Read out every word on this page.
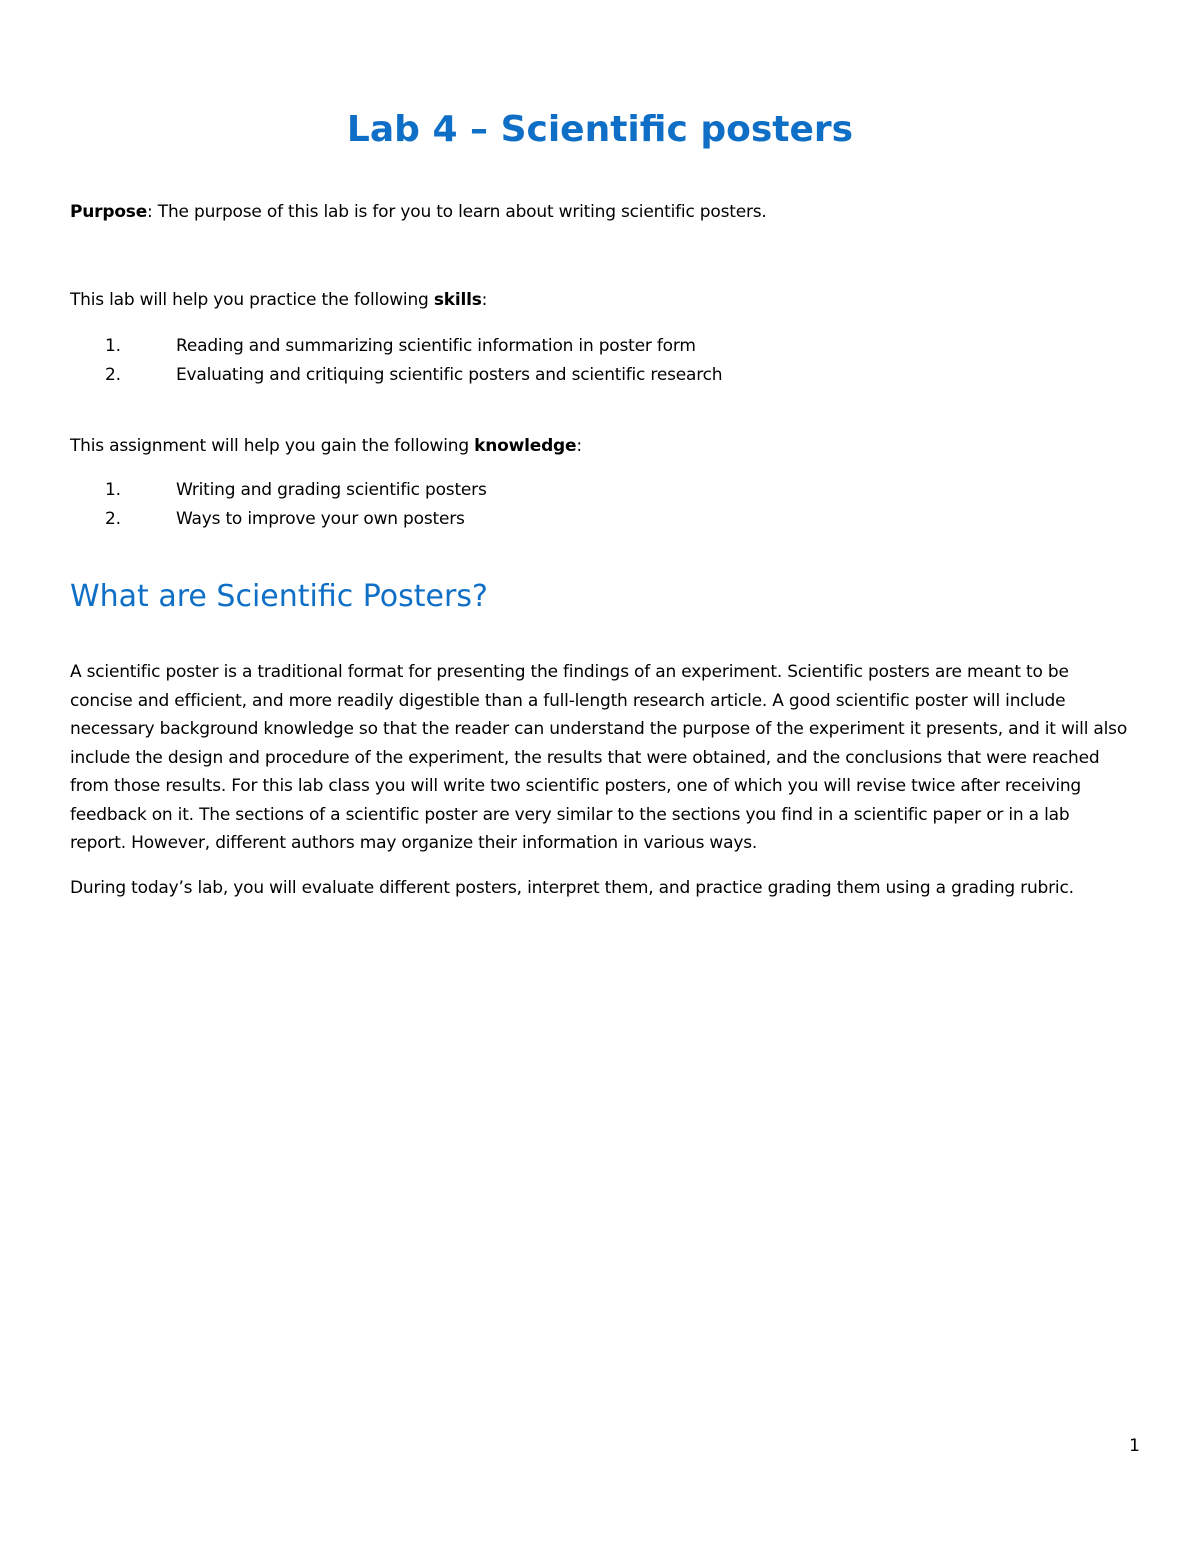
Lab 4 – Scientific posters

Purpose: The purpose of this lab is for you to learn about writing scientific posters.

This lab will help you practice the following skills:

1.	Reading and summarizing scientific information in poster form
2.	Evaluating and critiquing scientific posters and scientific research

This assignment will help you gain the following knowledge:

1.	Writing and grading scientific posters
2.	Ways to improve your own posters
What are Scientific Posters?

A scientific poster is a traditional format for presenting the findings of an experiment. Scientific posters are meant to be concise and efficient, and more readily digestible than a full-length research article. A good scientific poster will include necessary background knowledge so that the reader can understand the purpose of the experiment it presents, and it will also include the design and procedure of the experiment, the results that were obtained, and the conclusions that were reached from those results. For this lab class you will write two scientific posters, one of which you will revise twice after receiving feedback on it. The sections of a scientific poster are very similar to the sections you find in a scientific paper or in a lab report. However, different authors may organize their information in various ways.

During today’s lab, you will evaluate different posters, interpret them, and practice grading them using a grading rubric.

1
